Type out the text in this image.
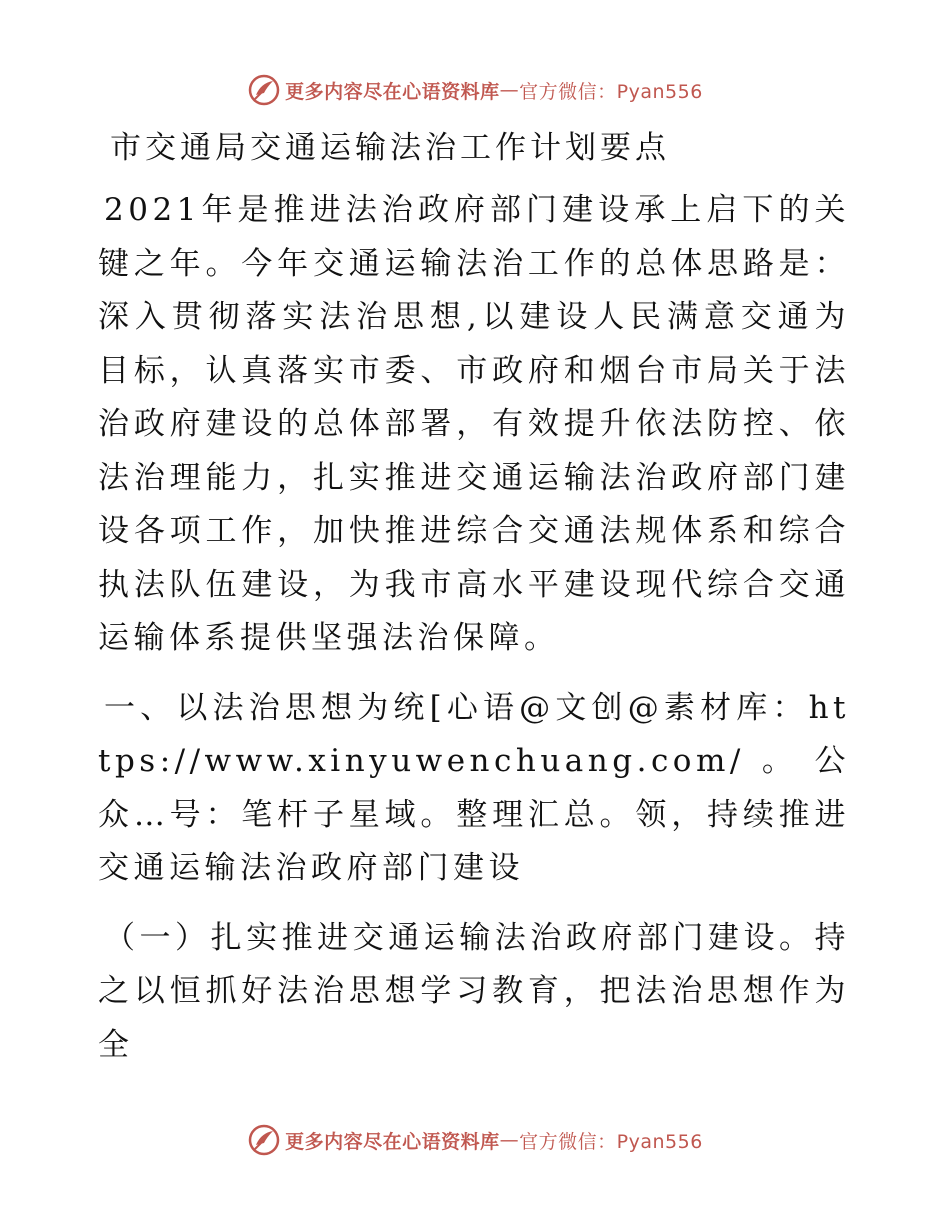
更多内容尽在心语资料库 — 官方微信：Pyan556
市交通局交通运输法治工作计划要点

2021年是推进法治政府部门建设承上启下的关键之年。今年交通运输法治工作的总体思路是：深入贯彻落实法治思想,以建设人民满意交通为目标，认真落实市委、市政府和烟台市局关于法治政府建设的总体部署，有效提升依法防控、依法治理能力，扎实推进交通运输法治政府部门建设各项工作，加快推进综合交通法规体系和综合执法队伍建设，为我市高水平建设现代综合交通运输体系提供坚强法治保障。

一、以法治思想为统[心语@文创@素材库：https://www.xinyuwenchuang.com/。公众…号：笔杆子星域。整理汇总。领，持续推进交通运输法治政府部门建设

（一）扎实推进交通运输法治政府部门建设。持之以恒抓好法治思想学习教育，把法治思想作为全

更多内容尽在心语资料库 — 官方微信：Pyan556
